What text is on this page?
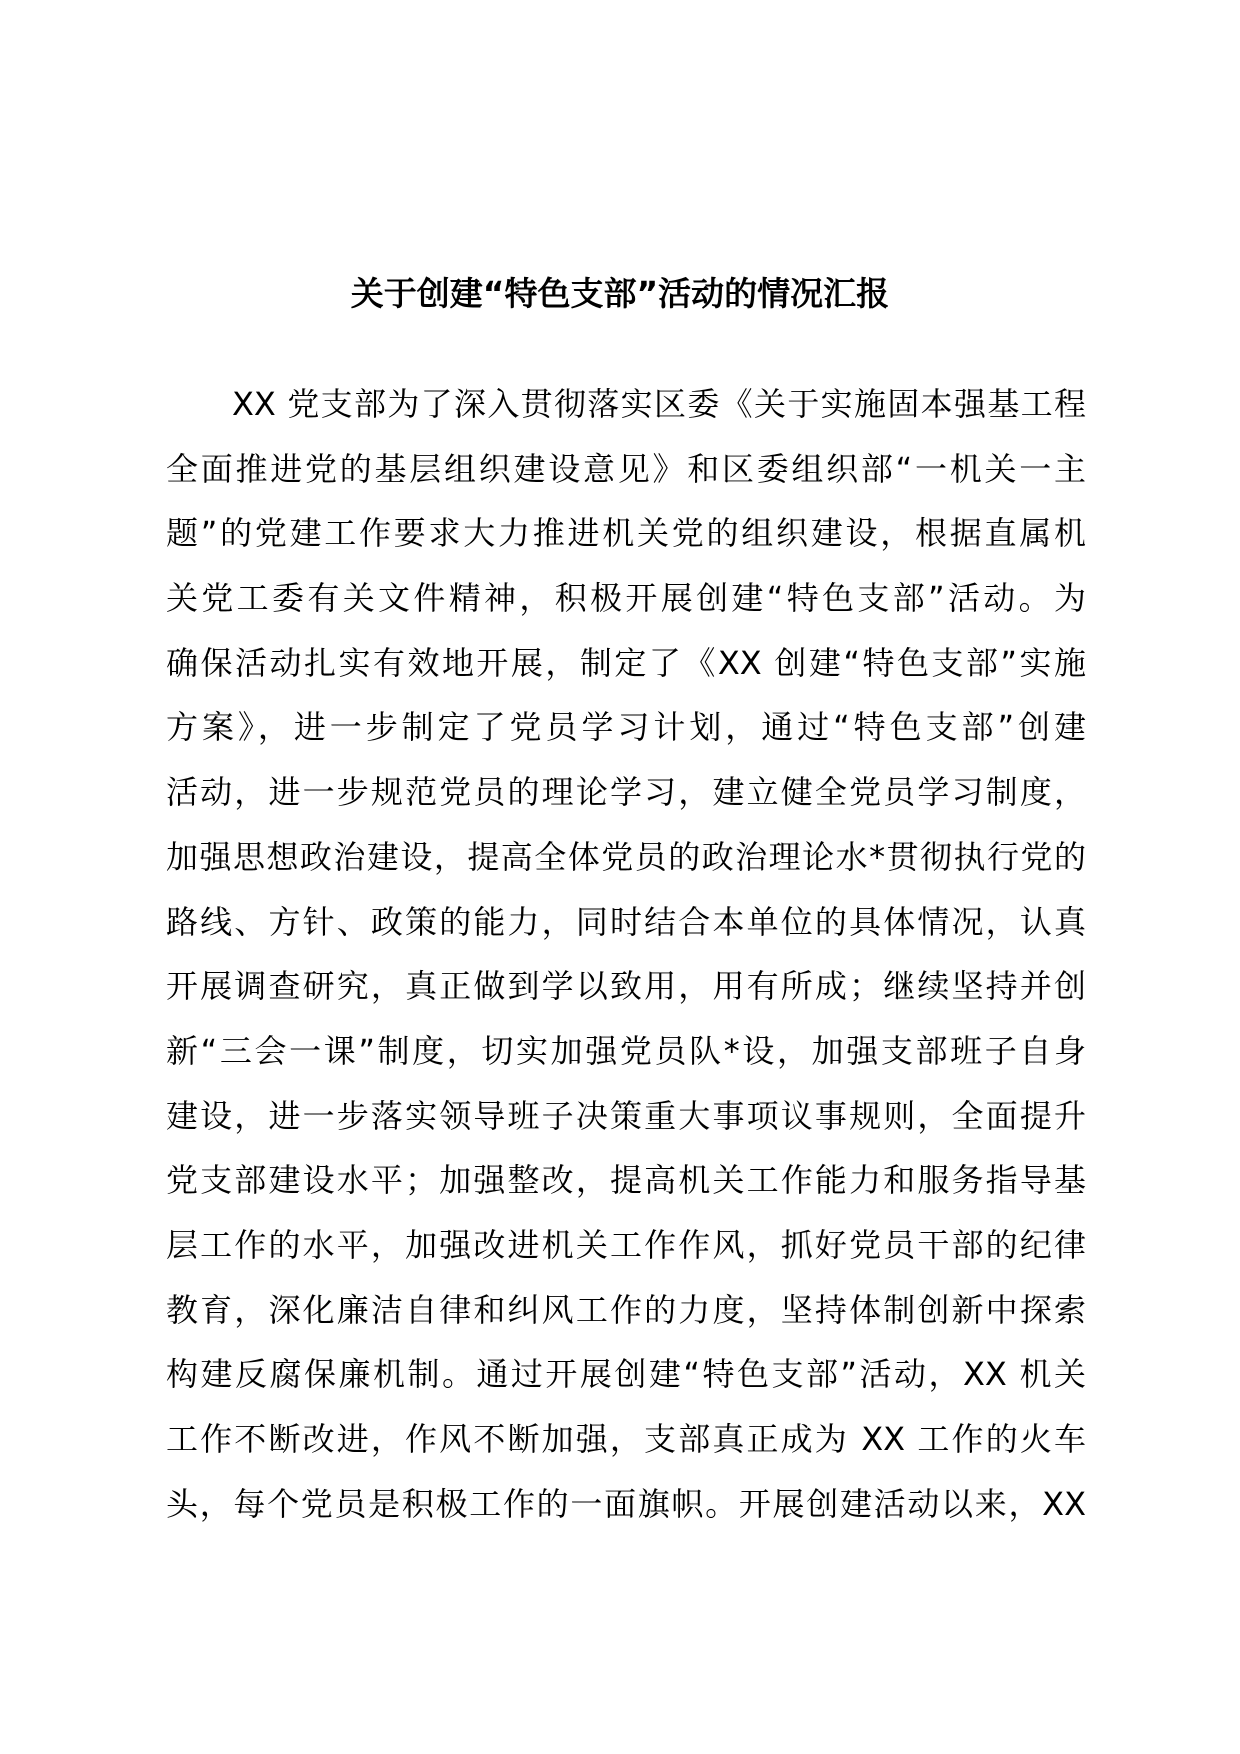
关于创建“特色支部”活动的情况汇报
XX 党支部为了深入贯彻落实区委《关于实施固本强基工程
全面推进党的基层组织建设意见》和区委组织部“一机关一主
题”的党建工作要求大力推进机关党的组织建设，根据直属机
关党工委有关文件精神，积极开展创建“特色支部”活动。为
确保活动扎实有效地开展，制定了《XX 创建“特色支部”实施
方案》，进一步制定了党员学习计划，通过“特色支部”创建
活动，进一步规范党员的理论学习，建立健全党员学习制度，
加强思想政治建设，提高全体党员的政治理论水*贯彻执行党的
路线、方针、政策的能力，同时结合本单位的具体情况，认真
开展调查研究，真正做到学以致用，用有所成；继续坚持并创
新“三会一课”制度，切实加强党员队*设，加强支部班子自身
建设，进一步落实领导班子决策重大事项议事规则，全面提升
党支部建设水平；加强整改，提高机关工作能力和服务指导基
层工作的水平，加强改进机关工作作风，抓好党员干部的纪律
教育，深化廉洁自律和纠风工作的力度，坚持体制创新中探索
构建反腐保廉机制。通过开展创建“特色支部”活动，XX 机关
工作不断改进，作风不断加强，支部真正成为 XX 工作的火车
头，每个党员是积极工作的一面旗帜。开展创建活动以来，XX
